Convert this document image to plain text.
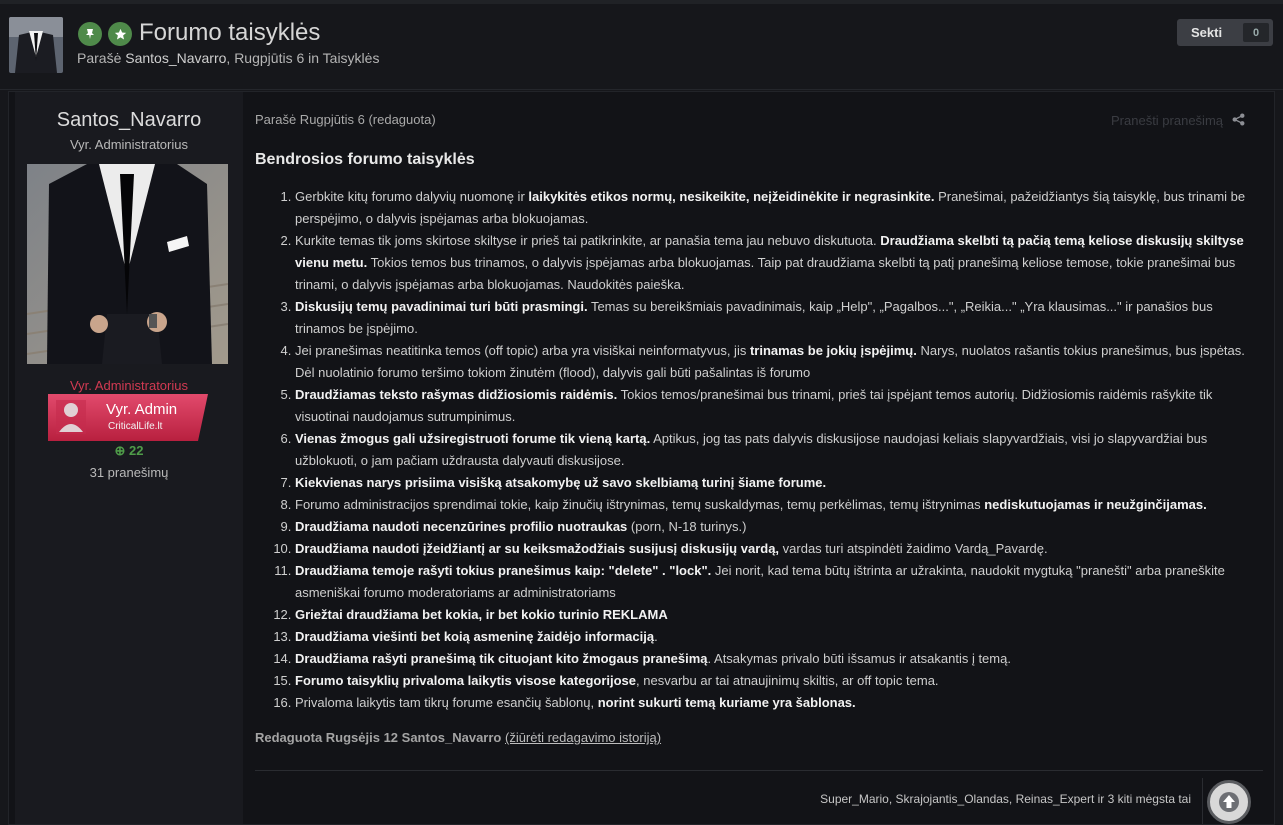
Forumo taisyklės
Parašė Santos_Navarro, Rugpjūtis 6 in Taisyklės
Sekti	0
Santos_Navarro
Vyr. Administratorius
Vyr. Administratorius
Vyr. Admin
CriticalLife.lt
⊕ 22
31 pranešimų
Parašė Rugpjūtis 6 (redaguota)	Pranešti pranešimą
Bendrosios forumo taisyklės
1. Gerbkite kitų forumo dalyvių nuomonę ir laikykitės etikos normų, nesikeikite, neįžeidinėkite ir negrasinkite. Pranešimai, pažeidžiantys šią taisyklę, bus trinami be perspėjimo, o dalyvis įspėjamas arba blokuojamas.
2. Kurkite temas tik joms skirtose skiltyse ir prieš tai patikrinkite, ar panašia tema jau nebuvo diskutuota. Draudžiama skelbti tą pačią temą keliose diskusijų skiltyse vienu metu. Tokios temos bus trinamos, o dalyvis įspėjamas arba blokuojamas. Taip pat draudžiama skelbti tą patį pranešimą keliose temose, tokie pranešimai bus trinami, o dalyvis įspėjamas arba blokuojamas. Naudokitės paieška.
3. Diskusijų temų pavadinimai turi būti prasmingi. Temas su bereikšmiais pavadinimais, kaip „Help", „Pagalbos...", „Reikia..." „Yra klausimas..." ir panašios bus trinamos be įspėjimo.
4. Jei pranešimas neatitinka temos (off topic) arba yra visiškai neinformatyvus, jis trinamas be jokių įspėjimų. Narys, nuolatos rašantis tokius pranešimus, bus įspėtas. Dėl nuolatinio forumo teršimo tokiom žinutėm (flood), dalyvis gali būti pašalintas iš forumo
5. Draudžiamas teksto rašymas didžiosiomis raidėmis. Tokios temos/pranešimai bus trinami, prieš tai įspėjant temos autorių. Didžiosiomis raidėmis rašykite tik visuotinai naudojamus sutrumpinimus.
6. Vienas žmogus gali užsiregistruoti forume tik vieną kartą. Aptikus, jog tas pats dalyvis diskusijose naudojasi keliais slapyvardžiais, visi jo slapyvardžiai bus užblokuoti, o jam pačiam uždrausta dalyvauti diskusijose.
7. Kiekvienas narys prisiima visišką atsakomybę už savo skelbiamą turinį šiame forume.
8. Forumo administracijos sprendimai tokie, kaip žinučių ištrynimas, temų suskaldymas, temų perkėlimas, temų ištrynimas nediskutuojamas ir neužginčijamas.
9. Draudžiama naudoti necenzūrines profilio nuotraukas (porn, N-18 turinys.)
10. Draudžiama naudoti įžeidžiantį ar su keiksmažodžiais susijusį diskusijų vardą, vardas turi atspindėti žaidimo Vardą_Pavardę.
11. Draudžiama temoje rašyti tokius pranešimus kaip: "delete" . "lock". Jei norit, kad tema būtų ištrinta ar užrakinta, naudokit mygtuką "pranešti" arba praneškite asmeniškai forumo moderatoriams ar administratoriams
12. Griežtai draudžiama bet kokia, ir bet kokio turinio REKLAMA
13. Draudžiama viešinti bet koią asmeninę žaidėjo informaciją.
14. Draudžiama rašyti pranešimą tik cituojant kito žmogaus pranešimą. Atsakymas privalo būti išsamus ir atsakantis į temą.
15. Forumo taisyklių privaloma laikytis visose kategorijose, nesvarbu ar tai atnaujinimų skiltis, ar off topic tema.
16. Privaloma laikytis tam tikrų forume esančių šablonų, norint sukurti temą kuriame yra šablonas.
Redaguota Rugsėjis 12 Santos_Navarro (žiūrėti redagavimo istoriją)
Super_Mario, Skrajojantis_Olandas, Reinas_Expert ir 3 kiti mėgsta tai
